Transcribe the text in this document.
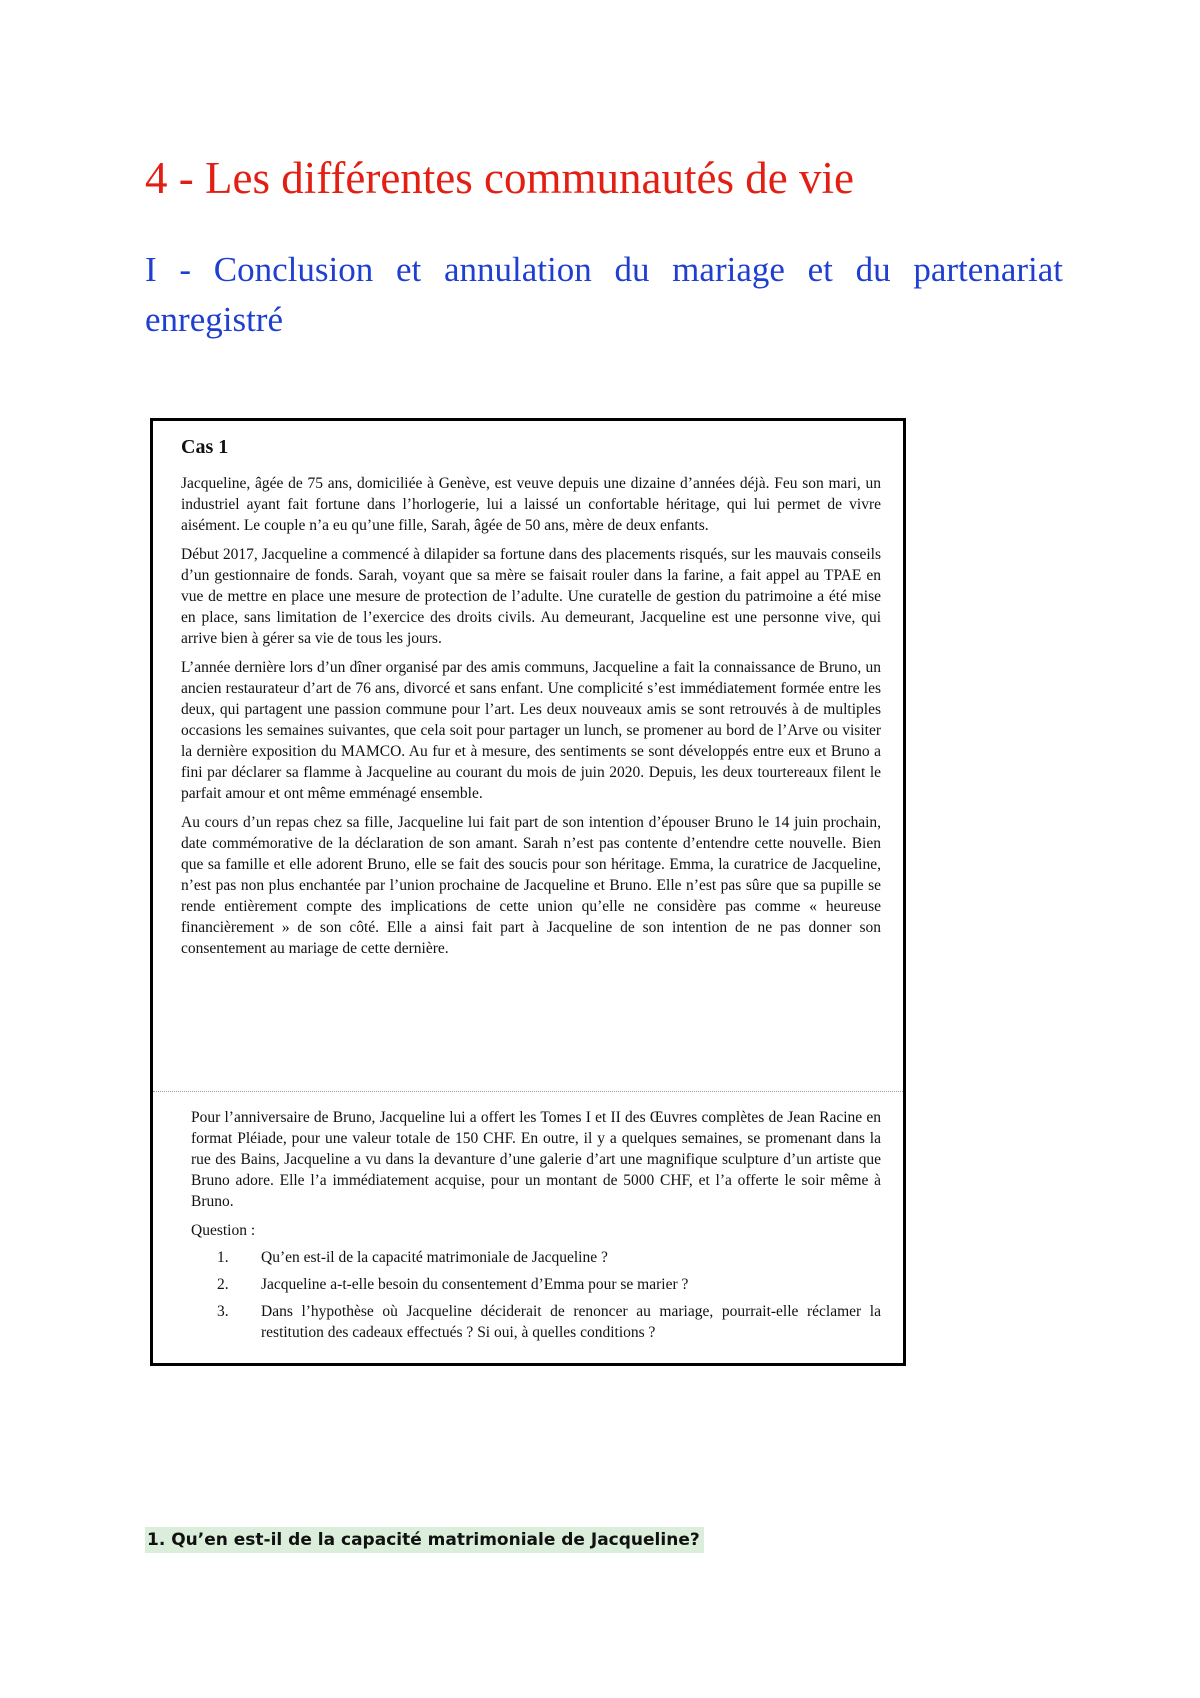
4 - Les différentes communautés de vie
I - Conclusion et annulation du mariage et du partenariat enregistré

Cas 1

Jacqueline, âgée de 75 ans, domiciliée à Genève, est veuve depuis une dizaine d’années déjà. Feu son mari, un industriel ayant fait fortune dans l’horlogerie, lui a laissé un confortable héritage, qui lui permet de vivre aisément. Le couple n’a eu qu’une fille, Sarah, âgée de 50 ans, mère de deux enfants.

Début 2017, Jacqueline a commencé à dilapider sa fortune dans des placements risqués, sur les mauvais conseils d’un gestionnaire de fonds. Sarah, voyant que sa mère se faisait rouler dans la farine, a fait appel au TPAE en vue de mettre en place une mesure de protection de l’adulte. Une curatelle de gestion du patrimoine a été mise en place, sans limitation de l’exercice des droits civils. Au demeurant, Jacqueline est une personne vive, qui arrive bien à gérer sa vie de tous les jours.

L’année dernière lors d’un dîner organisé par des amis communs, Jacqueline a fait la connaissance de Bruno, un ancien restaurateur d’art de 76 ans, divorcé et sans enfant. Une complicité s’est immédiatement formée entre les deux, qui partagent une passion commune pour l’art. Les deux nouveaux amis se sont retrouvés à de multiples occasions les semaines suivantes, que cela soit pour partager un lunch, se promener au bord de l’Arve ou visiter la dernière exposition du MAMCO. Au fur et à mesure, des sentiments se sont développés entre eux et Bruno a fini par déclarer sa flamme à Jacqueline au courant du mois de juin 2020. Depuis, les deux tourtereaux filent le parfait amour et ont même emménagé ensemble.

Au cours d’un repas chez sa fille, Jacqueline lui fait part de son intention d’épouser Bruno le 14 juin prochain, date commémorative de la déclaration de son amant. Sarah n’est pas contente d’entendre cette nouvelle. Bien que sa famille et elle adorent Bruno, elle se fait des soucis pour son héritage. Emma, la curatrice de Jacqueline, n’est pas non plus enchantée par l’union prochaine de Jacqueline et Bruno. Elle n’est pas sûre que sa pupille se rende entièrement compte des implications de cette union qu’elle ne considère pas comme « heureuse financièrement » de son côté. Elle a ainsi fait part à Jacqueline de son intention de ne pas donner son consentement au mariage de cette dernière.

Pour l’anniversaire de Bruno, Jacqueline lui a offert les Tomes I et II des Œuvres complètes de Jean Racine en format Pléiade, pour une valeur totale de 150 CHF. En outre, il y a quelques semaines, se promenant dans la rue des Bains, Jacqueline a vu dans la devanture d’une galerie d’art une magnifique sculpture d’un artiste que Bruno adore. Elle l’a immédiatement acquise, pour un montant de 5000 CHF, et l’a offerte le soir même à Bruno.

Question :

1.	Qu’en est-il de la capacité matrimoniale de Jacqueline ?
2.	Jacqueline a-t-elle besoin du consentement d’Emma pour se marier ?
3.	Dans l’hypothèse où Jacqueline déciderait de renoncer au mariage, pourrait-elle réclamer la restitution des cadeaux effectués ? Si oui, à quelles conditions ?
1. Qu’en est-il de la capacité matrimoniale de Jacqueline?
